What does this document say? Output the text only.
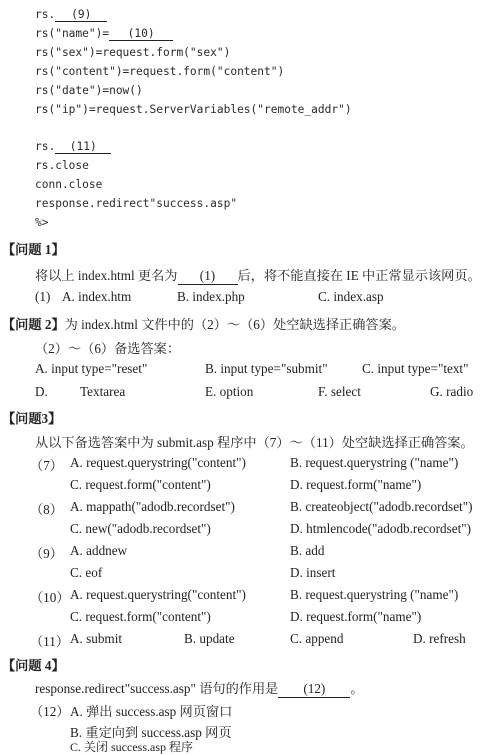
rs. (9)
rs("name")= (10)
rs("sex")=request.form("sex")
rs("content")=request.form("content")
rs("date")=now()
rs("ip")=request.ServerVariables("remote_addr")
rs. (11)
rs.close
conn.close
response.redirect"success.asp"
%>
【问题 1】
将以上 index.html 更名为 (1) 后，将不能直接在 IE 中正常显示该网页。
(1) A. index.htm	B. index.php	C. index.asp
【问题 2】为 index.html 文件中的（2）～（6）处空缺选择正确答案。
（2）～（6）备选答案：
A. input type="reset"	B. input type="submit"	C. input type="text"
D. Textarea	E. option	F. select	G. radio
【问题3】
从以下备选答案中为 submit.asp 程序中（7）～（11）处空缺选择正确答案。
（7） A. request.querystring("content")	B. request.querystring ("name")
C. request.form("content")	D. request.form("name")
（8） A. mappath("adodb.recordset")	B. createobject("adodb.recordset")
C. new("adodb.recordset")	D. htmlencode("adodb.recordset")
（9） A. addnew	B. add
C. eof	D. insert
（10） A. request.querystring("content")	B. request.querystring ("name")
C. request.form("content")	D. request.form("name")
（11） A. submit	B. update	C. append	D. refresh
【问题 4】
response.redirect"success.asp" 语句的作用是 (12) 。
（12） A. 弹出 success.asp 网页窗口
B. 重定向到 success.asp 网页
C. 关闭 success.asp 程序
